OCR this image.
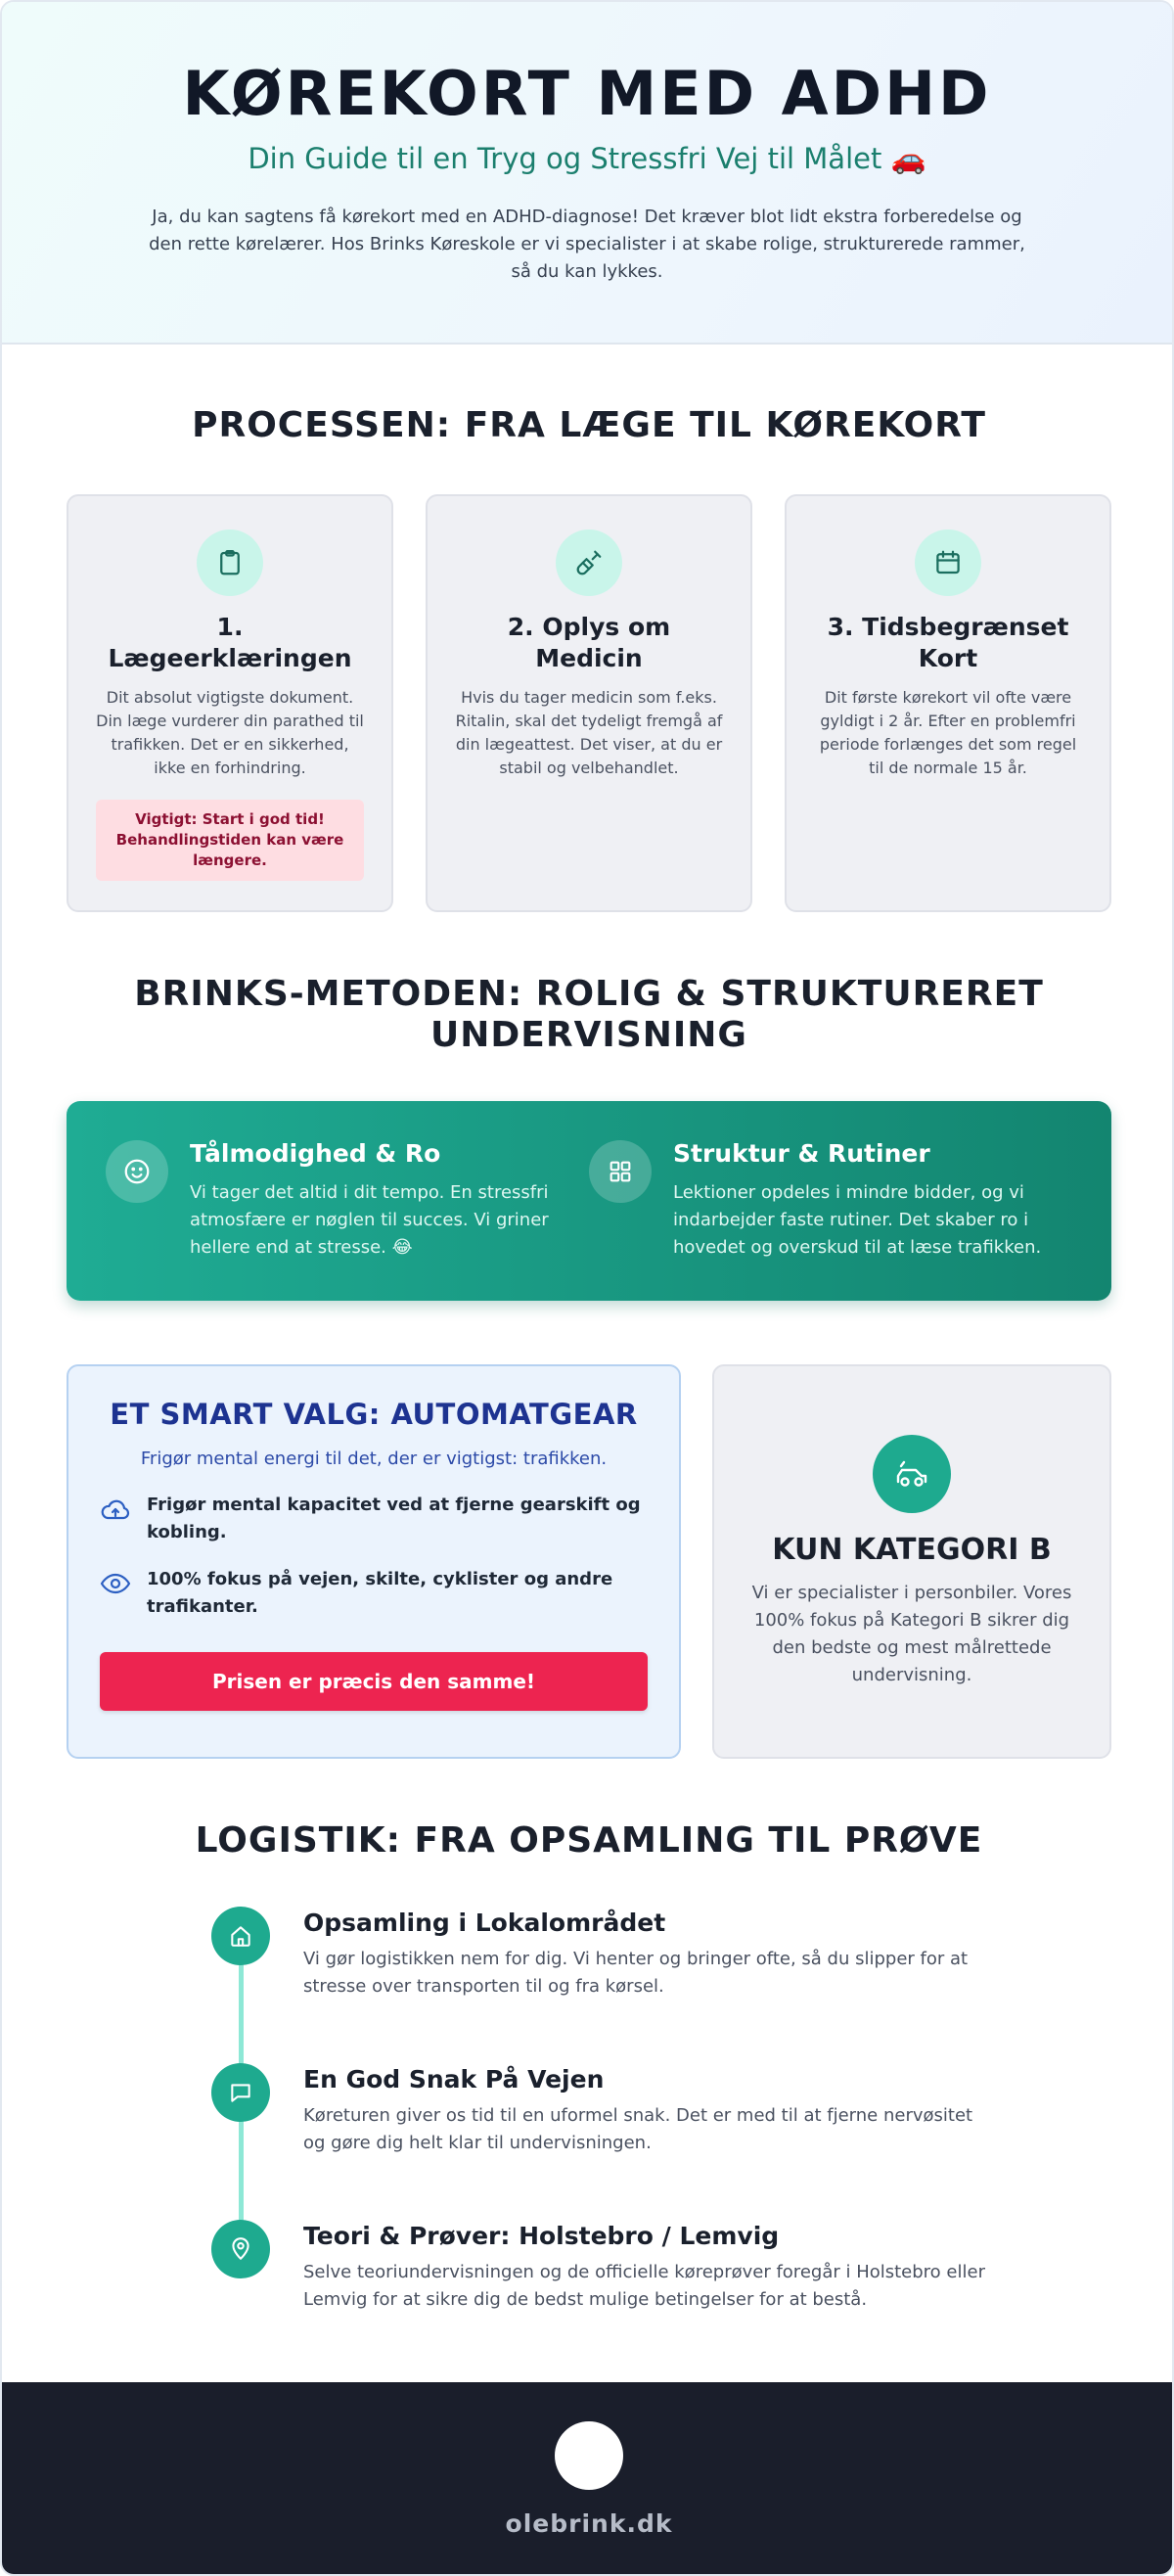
KØREKORT MED ADHD
Din Guide til en Tryg og Stressfri Vej til Målet 🚗

Ja, du kan sagtens få kørekort med en ADHD-diagnose! Det kræver blot lidt ekstra forberedelse og den rette kørelærer. Hos Brinks Køreskole er vi specialister i at skabe rolige, strukturerede rammer, så du kan lykkes.

PROCESSEN: FRA LÆGE TIL KØREKORT
1. Lægeerklæringen

Dit absolut vigtigste dokument. Din læge vurderer din parathed til trafikken. Det er en sikkerhed, ikke en forhindring.

Vigtigt: Start i god tid! Behandlingstiden kan være længere.
2. Oplys om Medicin

Hvis du tager medicin som f.eks. Ritalin, skal det tydeligt fremgå af din lægeattest. Det viser, at du er stabil og velbehandlet.

3. Tidsbegrænset Kort

Dit første kørekort vil ofte være gyldigt i 2 år. Efter en problemfri periode forlænges det som regel til de normale 15 år.

BRINKS-METODEN: ROLIG & STRUKTURERET UNDERVISNING
Tålmodighed & Ro

Vi tager det altid i dit tempo. En stressfri atmosfære er nøglen til succes. Vi griner hellere end at stresse. 😂

Struktur & Rutiner

Lektioner opdeles i mindre bidder, og vi indarbejder faste rutiner. Det skaber ro i hovedet og overskud til at læse trafikken.

ET SMART VALG: AUTOMATGEAR
Frigør mental energi til det, der er vigtigst: trafikken.
Frigør mental kapacitet ved at fjerne gearskift og kobling.
100% fokus på vejen, skilte, cyklister og andre trafikanter.
Prisen er præcis den samme!
KUN KATEGORI B

Vi er specialister i personbiler. Vores 100% fokus på Kategori B sikrer dig den bedste og mest målrettede undervisning.

LOGISTIK: FRA OPSAMLING TIL PRØVE
Opsamling i Lokalområdet

Vi gør logistikken nem for dig. Vi henter og bringer ofte, så du slipper for at stresse over transporten til og fra kørsel.

En God Snak På Vejen

Køreturen giver os tid til en uformel snak. Det er med til at fjerne nervøsitet og gøre dig helt klar til undervisningen.

Teori & Prøver: Holstebro / Lemvig

Selve teoriundervisningen og de officielle køreprøver foregår i Holstebro eller Lemvig for at sikre dig de bedst mulige betingelser for at bestå.

olebrink.dk
